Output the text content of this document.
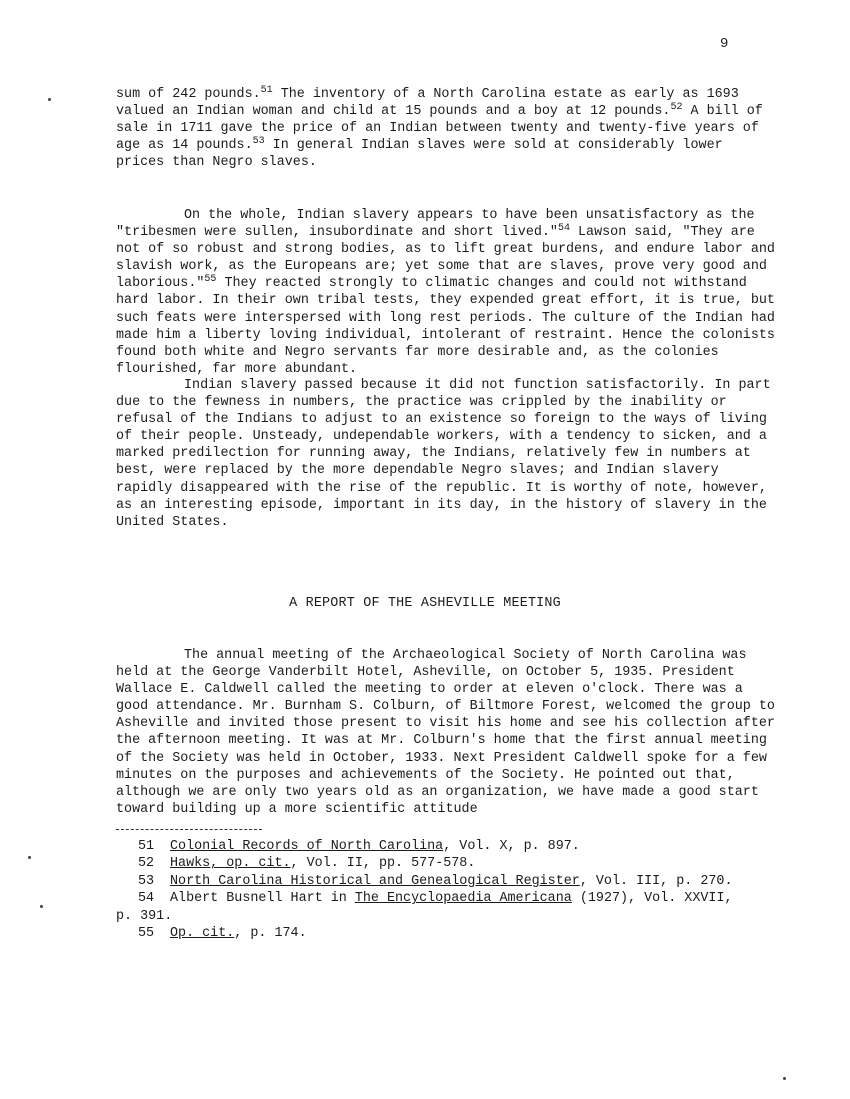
9

sum of 242 pounds.$^{51}$ The inventory of a North Carolina estate as early as 1693 valued an Indian woman and child at 15 pounds and a boy at 12 pounds.$^{52}$ A bill of sale in 1711 gave the price of an Indian between twenty and twenty-five years of age as 14 pounds.$^{53}$ In general Indian slaves were sold at considerably lower prices than Negro slaves.

On the whole, Indian slavery appears to have been unsatisfactory as the "tribesmen were sullen, insubordinate and short lived."$^{54}$ Lawson said, "They are not of so robust and strong bodies, as to lift great burdens, and endure labor and slavish work, as the Europeans are; yet some that are slaves, prove very good and laborious."$^{55}$ They reacted strongly to climatic changes and could not withstand hard labor. In their own tribal tests, they expended great effort, it is true, but such feats were interspersed with long rest periods. The culture of the Indian had made him a liberty loving individual, intolerant of restraint. Hence the colonists found both white and Negro servants far more desirable and, as the colonies flourished, far more abundant.

Indian slavery passed because it did not function satisfactorily. In part due to the fewness in numbers, the practice was crippled by the inability or refusal of the Indians to adjust to an existence so foreign to the ways of living of their people. Unsteady, undependable workers, with a tendency to sicken, and a marked predilection for running away, the Indians, relatively few in numbers at best, were replaced by the more dependable Negro slaves; and Indian slavery rapidly disappeared with the rise of the republic. It is worthy of note, however, as an interesting episode, important in its day, in the history of slavery in the United States.

A REPORT OF THE ASHEVILLE MEETING

The annual meeting of the Archaeological Society of North Carolina was held at the George Vanderbilt Hotel, Asheville, on October 5, 1935. President Wallace E. Caldwell called the meeting to order at eleven o'clock. There was a good attendance. Mr. Burnham S. Colburn, of Biltmore Forest, welcomed the group to Asheville and invited those present to visit his home and see his collection after the afternoon meeting. It was at Mr. Colburn's home that the first annual meeting of the Society was held in October, 1933. Next President Caldwell spoke for a few minutes on the purposes and achievements of the Society. He pointed out that, although we are only two years old as an organization, we have made a good start toward building up a more scientific attitude

51 Colonial Records of North Carolina, Vol. X, p. 897.

52 Hawks, op. cit., Vol. II, pp. 577-578.

53 North Carolina Historical and Genealogical Register, Vol. III, p. 270.

54 Albert Busnell Hart in The Encyclopaedia Americana (1927), Vol. XXVII,

p. 391.

55 Op. cit., p. 174.
